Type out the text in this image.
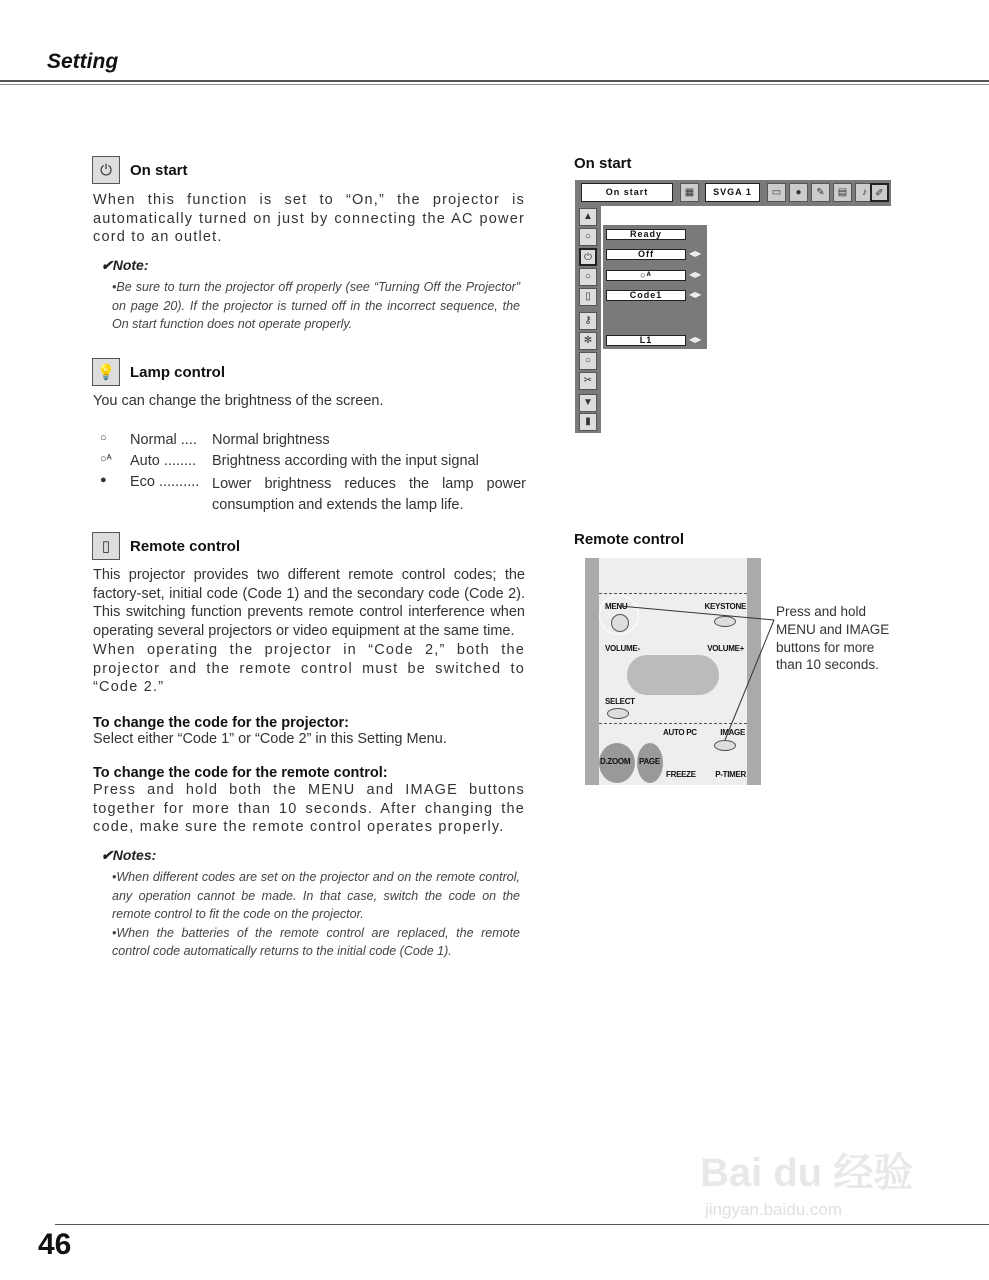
Setting
⏻	On start
When this function is set to “On,” the projector is automatically turned on just by connecting the AC power cord to an outlet.
✔Note:
•Be sure to turn the projector off properly (see “Turning Off the Projector” on page 20). If the projector is turned off in the incorrect sequence, the On start function does not operate properly.
💡 Lamp control
You can change the brightness of the screen.
○	Normal ....	Normal brightness
○ᴬ	Auto ........	Brightness according with the input signal
●	Eco .......... Lower brightness reduces the lamp power consumption and extends the lamp life.
▯	Remote control
This projector provides two different remote control codes; the factory-set, initial code (Code 1) and the secondary code (Code 2). This switching function prevents remote control interference when operating several projectors or video equipment at the same time.
When operating the projector in “Code 2,” both the projector and the remote control must be switched to “Code 2.”
To change the code for the projector:
Select either “Code 1” or “Code 2” in this Setting Menu.
To change the code for the remote control:
Press and hold both the MENU and IMAGE buttons together for more than 10 seconds. After changing the code, make sure the remote control operates properly.
✔Notes:
•When different codes are set on the projector and on the remote control, any operation cannot be made. In that case, switch the code on the remote control to fit the code on the projector.
•When the batteries of the remote control are replaced, the remote control code automatically returns to the initial code (Code 1).
On start
On start	▦	SVGA 1	▭	●	✎	▤	♪ ✐
▲
○
⏻
○
▯
⚷
✻
○
✂
▼
▮
Ready
Off	◀▶
○ᴬ	◀▶
Code1	◀▶
L1	◀▶
Remote control
MENU	KEYSTONE
VOLUME-	VOLUME+
SELECT
AUTO PC	IMAGE
D.ZOOM PAGE
FREEZE P-TIMER
Press and hold MENU and IMAGE buttons for more than 10 seconds.
Bai du 经验
jingyan.baidu.com
46
